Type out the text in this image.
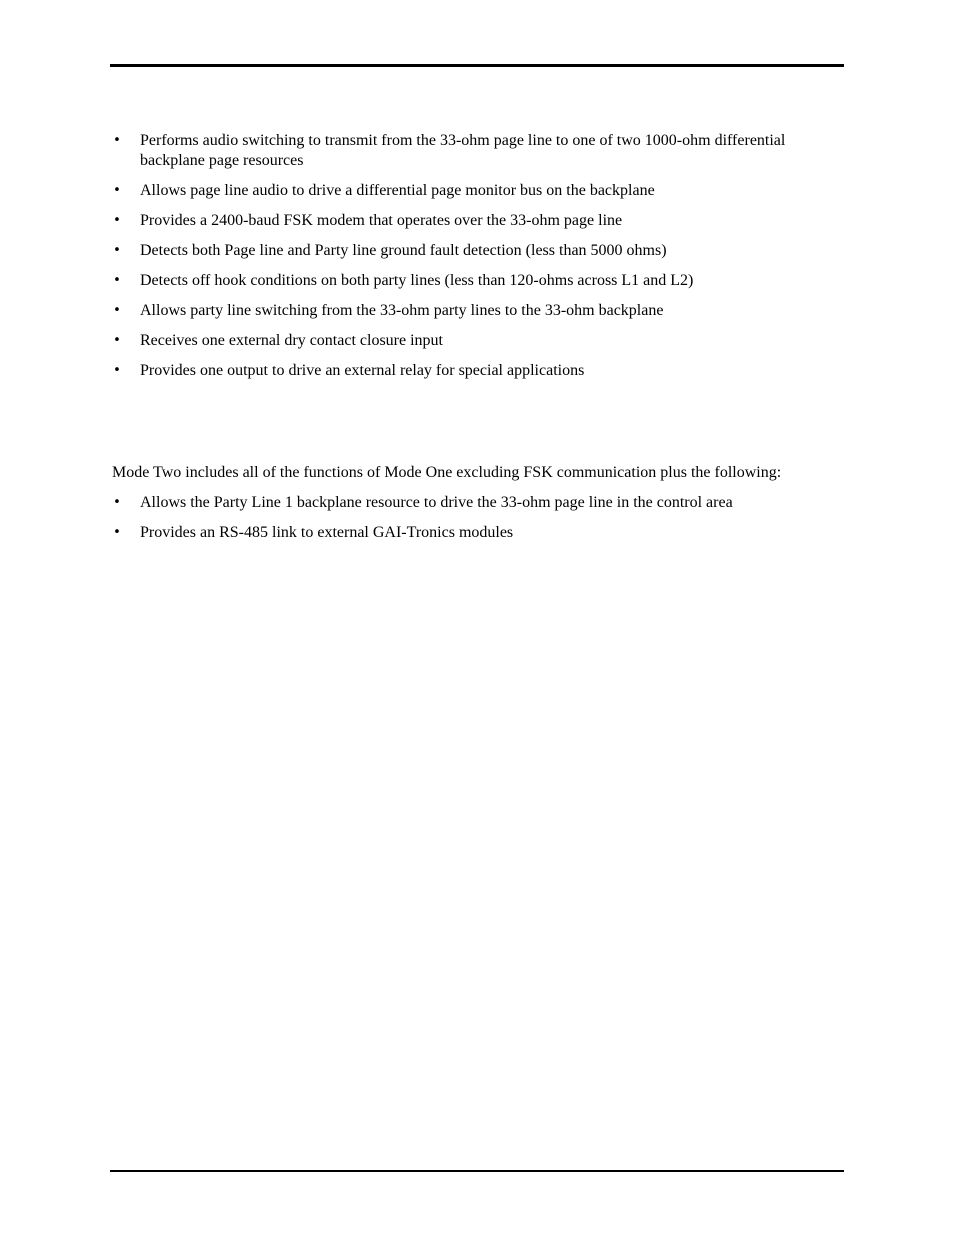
• Performs audio switching to transmit from the 33-ohm page line to one of two 1000-ohm differential backplane page resources
• Allows page line audio to drive a differential page monitor bus on the backplane
• Provides a 2400-baud FSK modem that operates over the 33-ohm page line
• Detects both Page line and Party line ground fault detection (less than 5000 ohms)
• Detects off hook conditions on both party lines (less than 120-ohms across L1 and L2)
• Allows party line switching from the 33-ohm party lines to the 33-ohm backplane
• Receives one external dry contact closure input
• Provides one output to drive an external relay for special applications

Mode Two includes all of the functions of Mode One excluding FSK communication plus the following:

• Allows the Party Line 1 backplane resource to drive the 33-ohm page line in the control area
• Provides an RS-485 link to external GAI-Tronics modules
